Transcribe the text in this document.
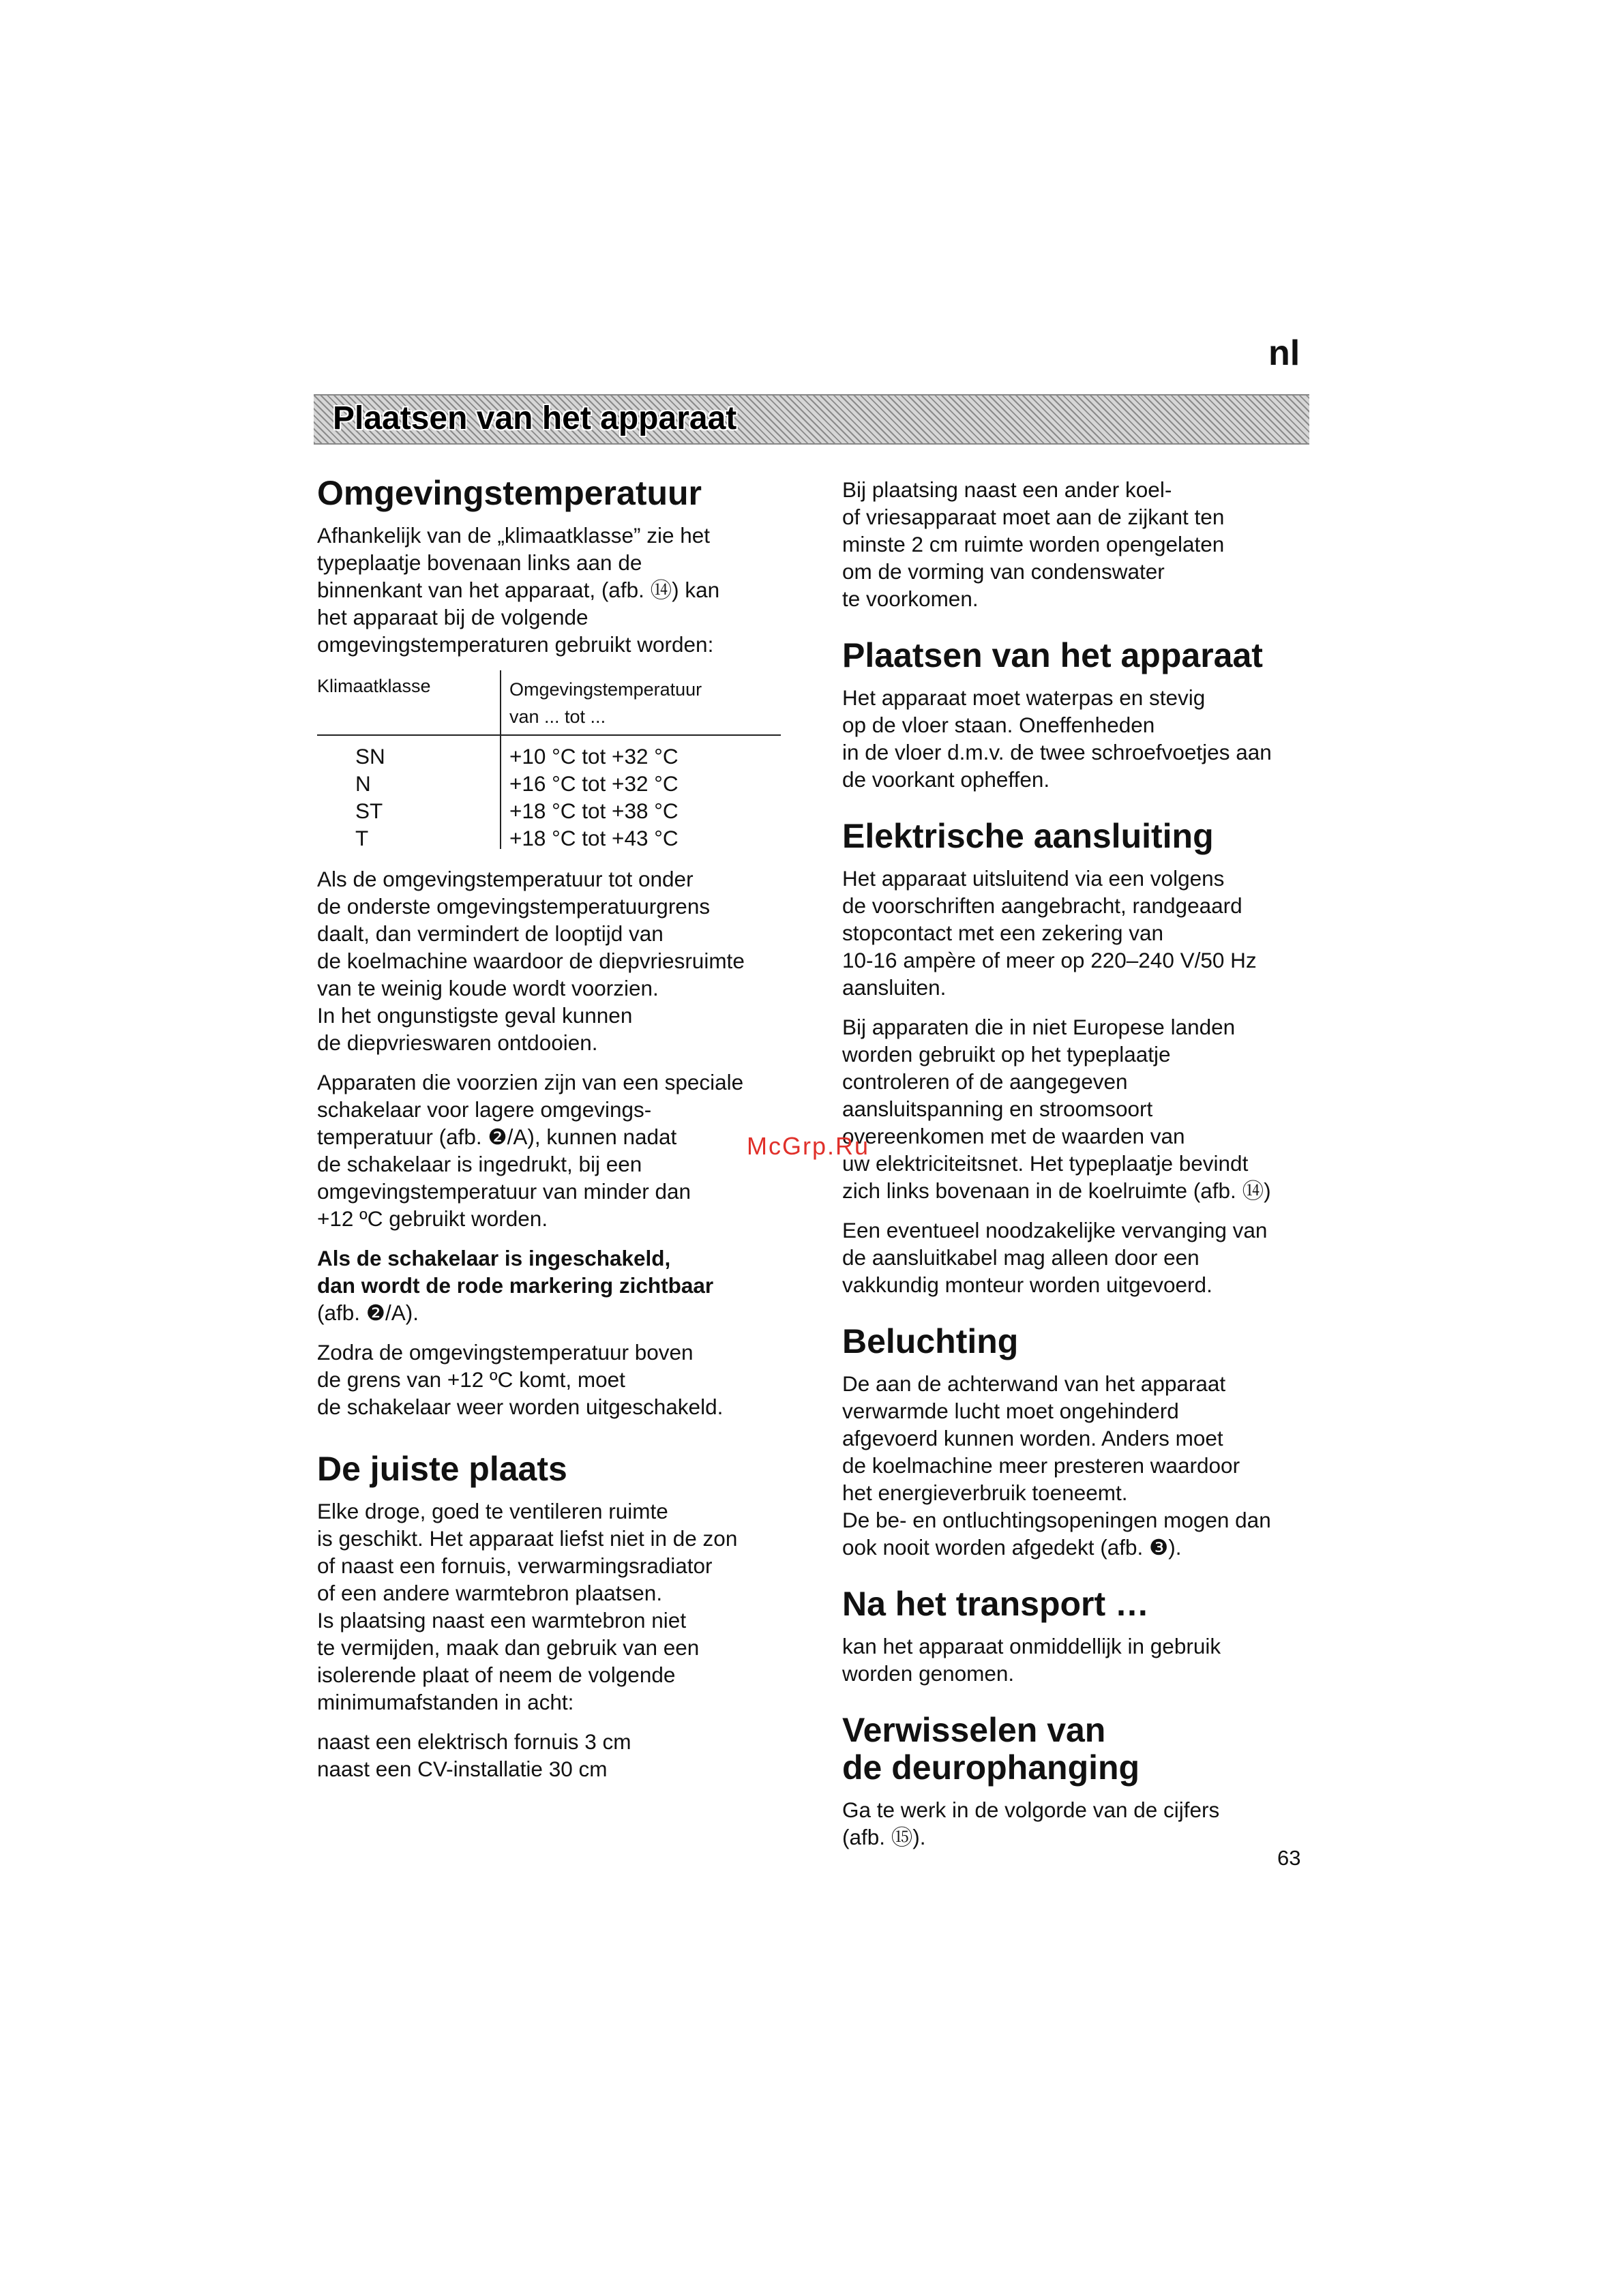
nl
Plaatsen van het apparaat
Omgevingstemperatuur

Afhankelijk van de „klimaatklasse” zie het
typeplaatje bovenaan links aan de
binnenkant van het apparaat, (afb. ⑭) kan
het apparaat bij de volgende
omgevingstemperaturen gebruikt worden:

Klimaatklasse	Omgevingstemperatuur
van ... tot ...
SN	+10 °C tot +32 °C
N	+16 °C tot +32 °C
ST	+18 °C tot +38 °C
T	+18 °C tot +43 °C

Als de omgevingstemperatuur tot onder
de onderste omgevingstemperatuurgrens
daalt, dan vermindert de looptijd van
de koelmachine waardoor de diepvriesruimte
van te weinig koude wordt voorzien.
In het ongunstigste geval kunnen
de diepvrieswaren ontdooien.

Apparaten die voorzien zijn van een speciale
schakelaar voor lagere omgevings-
temperatuur (afb. ❷/A), kunnen nadat
de schakelaar is ingedrukt, bij een
omgevingstemperatuur van minder dan
+12 ºC gebruikt worden.

Als de schakelaar is ingeschakeld,
dan wordt de rode markering zichtbaar
(afb. ❷/A).

Zodra de omgevingstemperatuur boven
de grens van +12 ºC komt, moet
de schakelaar weer worden uitgeschakeld.

De juiste plaats

Elke droge, goed te ventileren ruimte
is geschikt. Het apparaat liefst niet in de zon
of naast een fornuis, verwarmingsradiator
of een andere warmtebron plaatsen.
Is plaatsing naast een warmtebron niet
te vermijden, maak dan gebruik van een
isolerende plaat of neem de volgende
minimumafstanden in acht:

naast een elektrisch fornuis 3 cm
naast een CV-installatie 30 cm

Bij plaatsing naast een ander koel-
of vriesapparaat moet aan de zijkant ten
minste 2 cm ruimte worden opengelaten
om de vorming van condenswater
te voorkomen.

Plaatsen van het apparaat

Het apparaat moet waterpas en stevig
op de vloer staan. Oneffenheden
in de vloer d.m.v. de twee schroefvoetjes aan
de voorkant opheffen.

Elektrische aansluiting

Het apparaat uitsluitend via een volgens
de voorschriften aangebracht, randgeaard
stopcontact met een zekering van
10-16 ampère of meer op 220–240 V/50 Hz
aansluiten.

Bij apparaten die in niet Europese landen
worden gebruikt op het typeplaatje
controleren of de aangegeven
aansluitspanning en stroomsoort
overeenkomen met de waarden van
uw elektriciteitsnet. Het typeplaatje bevindt
zich links bovenaan in de koelruimte (afb. ⑭)

Een eventueel noodzakelijke vervanging van
de aansluitkabel mag alleen door een
vakkundig monteur worden uitgevoerd.

Beluchting

De aan de achterwand van het apparaat
verwarmde lucht moet ongehinderd
afgevoerd kunnen worden. Anders moet
de koelmachine meer presteren waardoor
het energieverbruik toeneemt.
De be- en ontluchtingsopeningen mogen dan
ook nooit worden afgedekt (afb. ❸).

Na het transport …

kan het apparaat onmiddellijk in gebruik
worden genomen.

Verwisselen van
de deurophanging

Ga te werk in de volgorde van de cijfers
(afb. ⑮).

McGrp.Ru
63
